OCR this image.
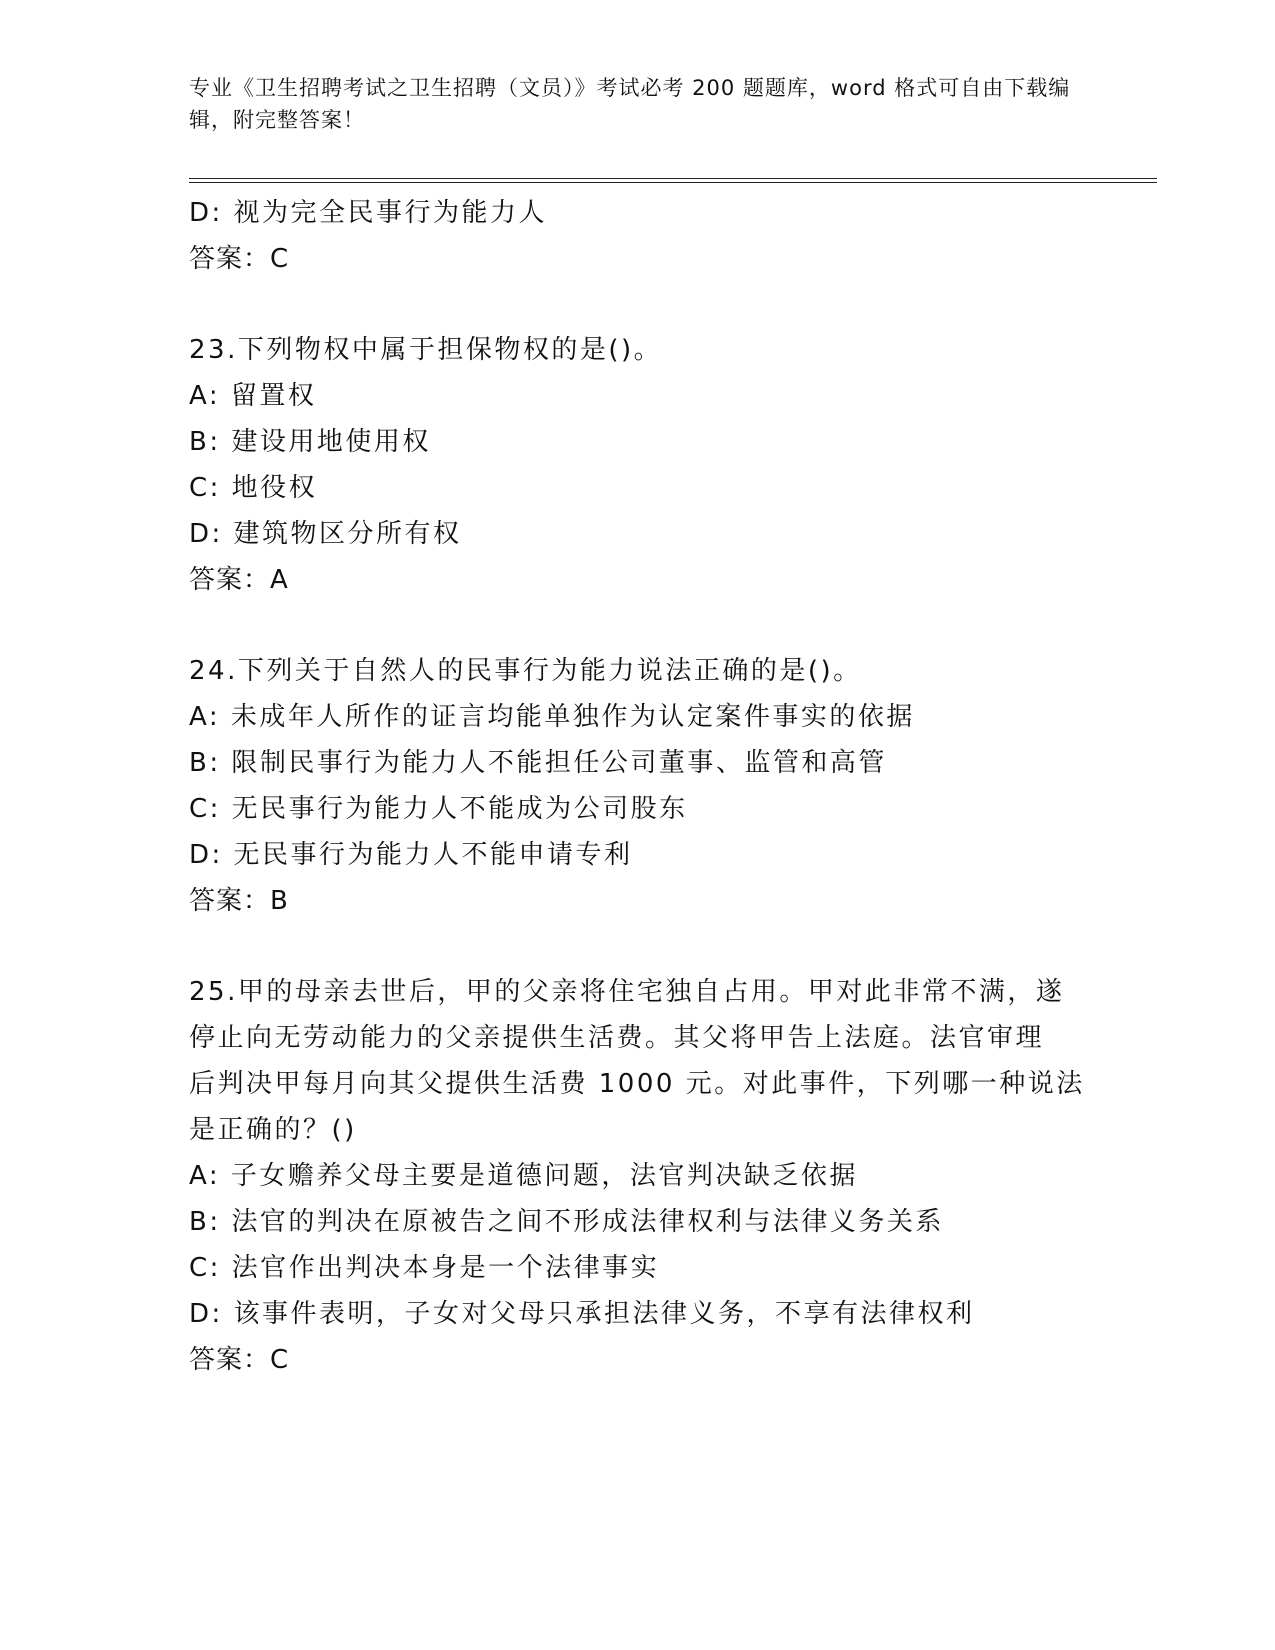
专业《卫生招聘考试之卫生招聘（文员）》考试必考 200 题题库，word 格式可自由下载编辑，附完整答案！
D: 视为完全民事行为能力人
答案：C
23.下列物权中属于担保物权的是()。
A: 留置权
B: 建设用地使用权
C: 地役权
D: 建筑物区分所有权
答案：A
24.下列关于自然人的民事行为能力说法正确的是()。
A: 未成年人所作的证言均能单独作为认定案件事实的依据
B: 限制民事行为能力人不能担任公司董事、监管和高管
C: 无民事行为能力人不能成为公司股东
D: 无民事行为能力人不能申请专利
答案：B
25.甲的母亲去世后，甲的父亲将住宅独自占用。甲对此非常不满，遂
停止向无劳动能力的父亲提供生活费。其父将甲告上法庭。法官审理
后判决甲每月向其父提供生活费 1000 元。对此事件，下列哪一种说法
是正确的？()
A: 子女赡养父母主要是道德问题，法官判决缺乏依据
B: 法官的判决在原被告之间不形成法律权利与法律义务关系
C: 法官作出判决本身是一个法律事实
D: 该事件表明，子女对父母只承担法律义务，不享有法律权利
答案：C
